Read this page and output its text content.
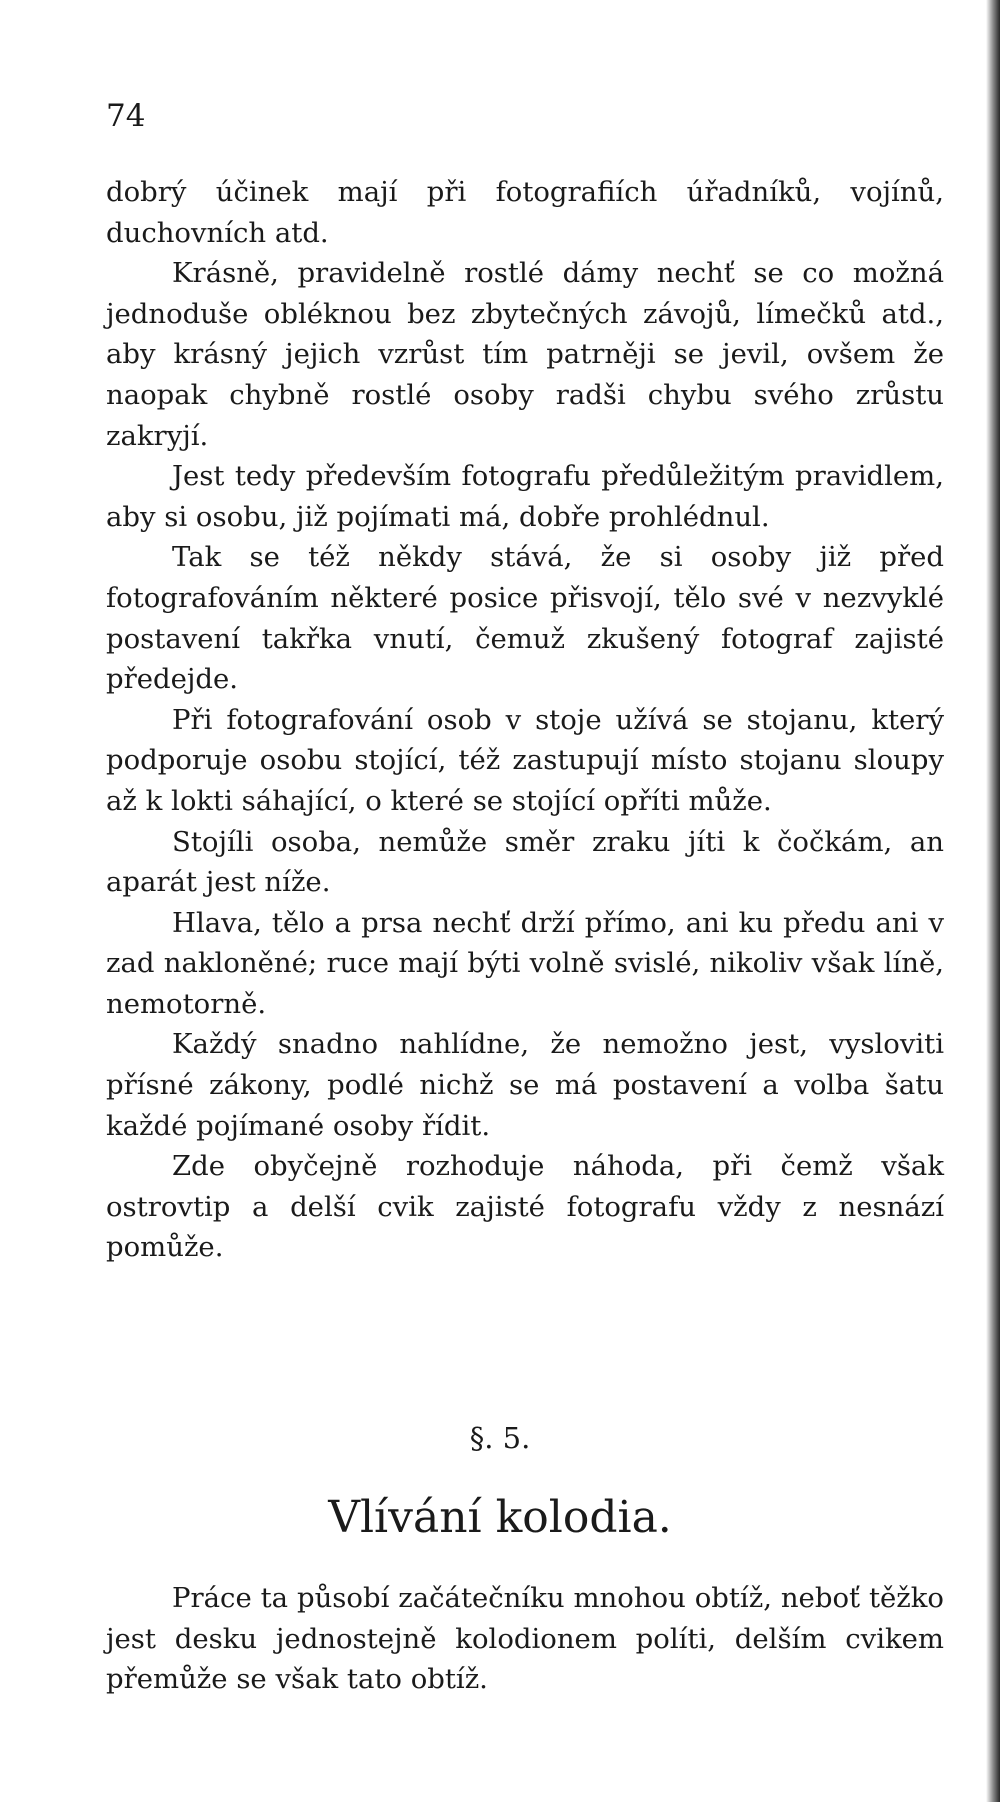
74

dobrý účinek mají při fotografiích úřadníků, vojínů, duchovních atd.

Krásně, pravidelně rostlé dámy nechť se co možná jednoduše obléknou bez zbytečných závojů, límečků atd., aby krásný jejich vzrůst tím patrněji se jevil, ovšem že naopak chybně rostlé osoby radši chybu svého zrůstu zakryjí.

Jest tedy především fotografu předůležitým pravidlem, aby si osobu, již pojímati má, dobře prohlédnul.

Tak se též někdy stává, že si osoby již před fotografováním některé posice přisvojí, tělo své v nezvyklé postavení takřka vnutí, čemuž zkušený fotograf zajisté předejde.

Při fotografování osob v stoje užívá se stojanu, který podporuje osobu stojící, též zastupují místo stojanu sloupy až k lokti sáhající, o které se stojící opříti může.

Stojíli osoba, nemůže směr zraku jíti k čočkám, an aparát jest níže.

Hlava, tělo a prsa nechť drží přímo, ani ku předu ani v zad nakloněné; ruce mají býti volně svislé, nikoliv však líně, nemotorně.

Každý snadno nahlídne, že nemožno jest, vysloviti přísné zákony, podlé nichž se má postavení a volba šatu každé pojímané osoby řídit.

Zde obyčejně rozhoduje náhoda, při čemž však ostrovtip a delší cvik zajisté fotografu vždy z nesnází pomůže.

§. 5.
Vlívání kolodia.

Práce ta působí začátečníku mnohou obtíž, neboť těžko jest desku jednostejně kolodionem políti, delším cvikem přemůže se však tato obtíž.
